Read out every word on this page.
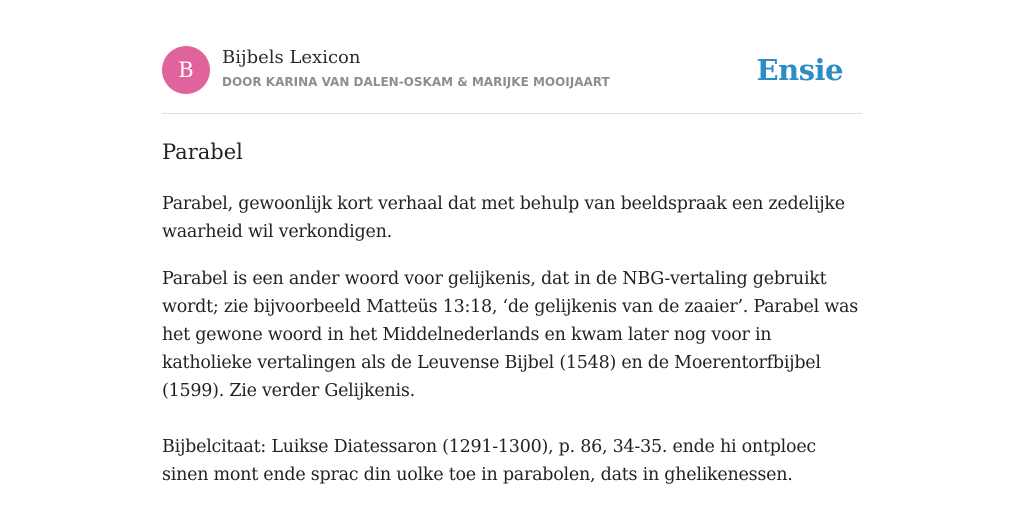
B
Bijbels Lexicon
DOOR KARINA VAN DALEN-OSKAM & MARIJKE MOOIJAART	Ensie
Parabel

Parabel, gewoonlijk kort verhaal dat met behulp van beeldspraak een zedelijke waarheid wil verkondigen.

Parabel is een ander woord voor gelijkenis, dat in de NBG-vertaling gebruikt wordt; zie bijvoorbeeld Matteüs 13:18, ‘de gelijkenis van de zaaier’. Parabel was het gewone woord in het Middelnederlands en kwam later nog voor in katholieke vertalingen als de Leuvense Bijbel (1548) en de Moerentorfbijbel (1599). Zie verder Gelijkenis.

Bijbelcitaat: Luikse Diatessaron (1291-1300), p. 86, 34-35. ende hi ontploec sinen mont ende sprac din uolke toe in parabolen, dats in ghelikenessen.
